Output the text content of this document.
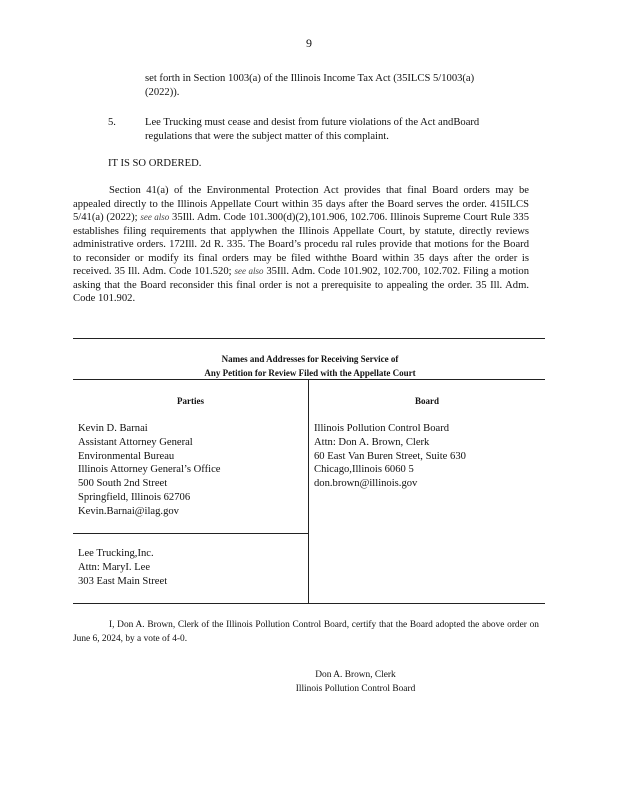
9
set forth in Section 1003(a) of the Illinois Income Tax Act (35ILCS 5/1003(a)
(2022)).
5.	Lee Trucking must cease and desist from future violations of the Act andBoard
regulations that were the subject matter of this complaint.
IT IS SO ORDERED.
Section 41(a) of the Environmental Protection Act provides that final Board orders may be appealed directly to the Illinois Appellate Court within 35 days after the Board serves the order. 415ILCS 5/41(a) (2022); see also 35Ill. Adm. Code 101.300(d)(2),101.906, 102.706. Illinois Supreme Court Rule 335 establishes filing requirements that applywhen the Illinois Appellate Court, by statute, directly reviews administrative orders. 172Ill. 2d R. 335. The Board’s procedu ral rules provide that motions for the Board to reconsider or modify its final orders may be filed withthe Board within 35 days after the order is received. 35 Ill. Adm. Code 101.520; see also 35Ill. Adm. Code 101.902, 102.700, 102.702. Filing a motion asking that the Board reconsider this final order is not a prerequisite to appealing the order. 35 Ill. Adm. Code 101.902.
Names and Addresses for Receiving Service of
Any Petition for Review Filed with the Appellate Court
Parties	Board
Kevin D. Barnai
Assistant Attorney General
Environmental Bureau
Illinois Attorney General’s Office
500 South 2nd Street
Springfield, Illinois 62706
Kevin.Barnai@ilag.gov
Lee Trucking,Inc.
Attn: MaryI. Lee
303 East Main Street
Illinois Pollution Control Board
Attn: Don A. Brown, Clerk
60 East Van Buren Street, Suite 630
Chicago,Illinois 6060 5
don.brown@illinois.gov
I, Don A. Brown, Clerk of the Illinois Pollution Control Board, certify that the Board adopted the above order on June 6, 2024, by a vote of 4-0.
Don A. Brown, Clerk
Illinois Pollution Control Board
